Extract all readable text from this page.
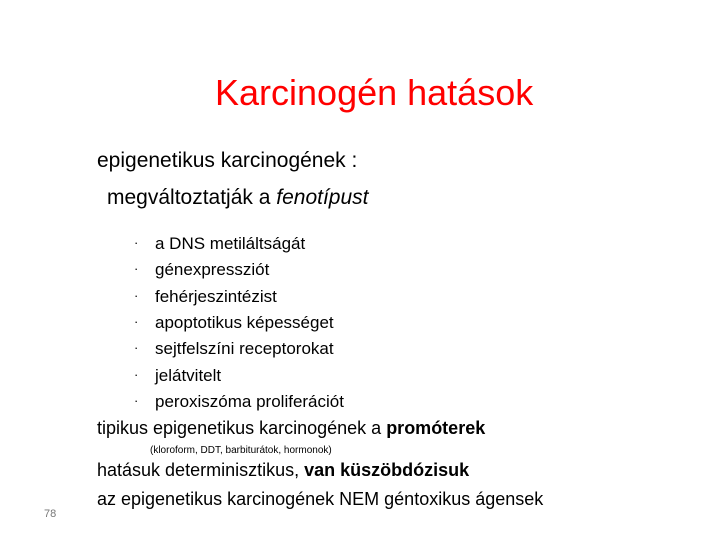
Karcinogén hatások
epigenetikus karcinogének :
megváltoztatják a fenotípust
· a DNS metiláltságát
· génexpressziót
· fehérjeszintézist
· apoptotikus képességet
· sejtfelszíni receptorokat
· jelátvitelt
· peroxiszóma proliferációt
tipikus epigenetikus karcinogének a promóterek
(kloroform, DDT, barbiturátok, hormonok)
hatásuk determinisztikus, van küszöbdózisuk
az epigenetikus karcinogének NEM géntoxikus ágensek
78
